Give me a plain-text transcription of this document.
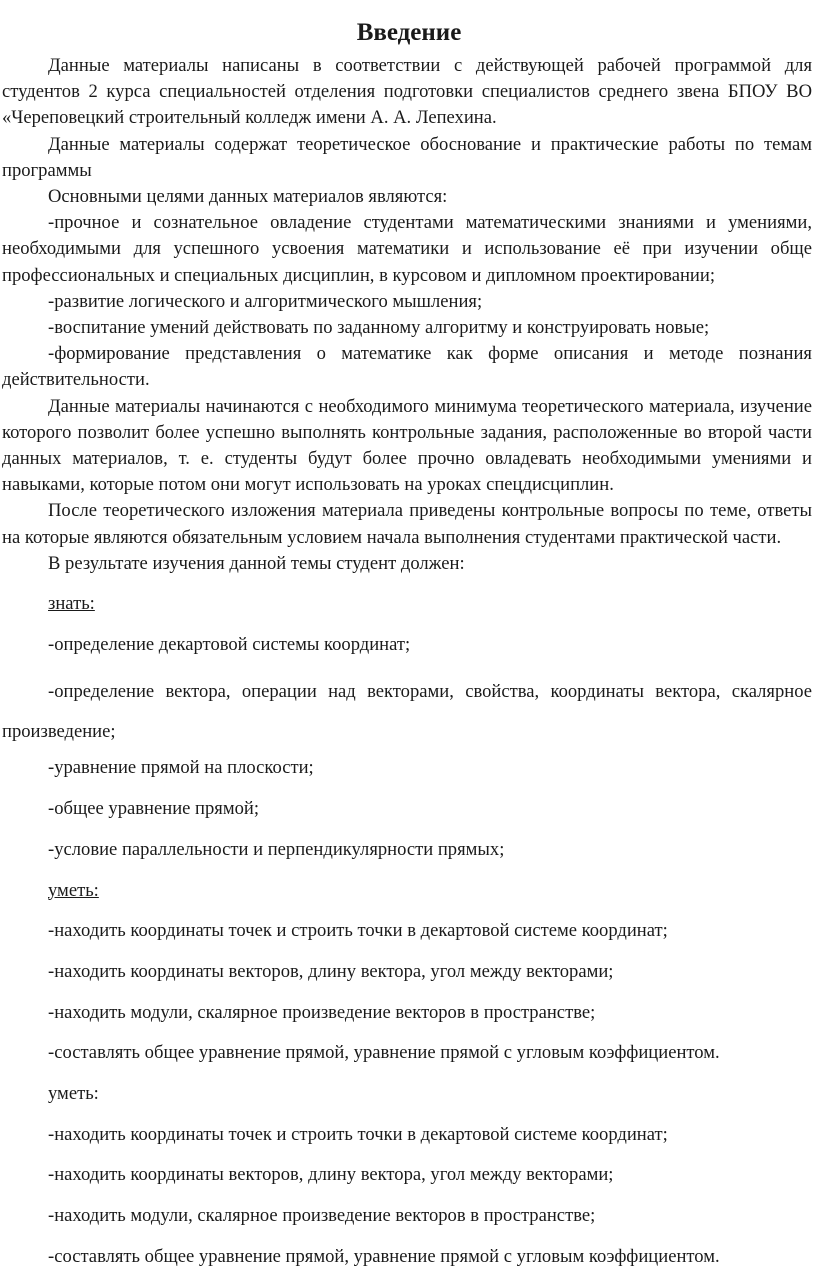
Введение

Данные материалы написаны в соответствии с действующей рабочей программой для студентов 2 курса специальностей отделения подготовки специалистов среднего звена БПОУ ВО «Череповецкий строительный колледж имени А. А. Лепехина.

Данные материалы содержат теоретическое обоснование и практические работы по темам программы

Основными целями данных материалов являются:

-прочное и сознательное овладение студентами математическими знаниями и умениями, необходимыми для успешного усвоения математики и использование её при изучении обще профессиональных и специальных дисциплин, в курсовом и дипломном проектировании;

-развитие логического и алгоритмического мышления;

-воспитание умений действовать по заданному алгоритму и конструировать новые;

-формирование представления о математике как форме описания и методе познания действительности.

Данные материалы начинаются с необходимого минимума теоретического материала, изучение которого позволит более успешно выполнять контрольные задания, расположенные во второй части данных материалов, т. е. студенты будут более прочно овладевать необходимыми умениями и навыками, которые потом они могут использовать на уроках спецдисциплин.

После теоретического изложения материала приведены контрольные вопросы по теме, ответы на которые являются обязательным условием начала выполнения студентами практической части.

В результате изучения данной темы студент должен:

знать:

-определение декартовой системы координат;

-определение вектора, операции над векторами, свойства, координаты вектора, скалярное произведение;

-уравнение прямой на плоскости;

-общее уравнение прямой;

-условие параллельности и перпендикулярности прямых;

уметь:

-находить координаты точек и строить точки в декартовой системе координат;

-находить координаты векторов, длину вектора, угол между векторами;

-находить модули, скалярное произведение векторов в пространстве;

-составлять общее уравнение прямой, уравнение прямой с угловым коэффициентом.

уметь:

-находить координаты точек и строить точки в декартовой системе координат;

-находить координаты векторов, длину вектора, угол между векторами;

-находить модули, скалярное произведение векторов в пространстве;

-составлять общее уравнение прямой, уравнение прямой с угловым коэффициентом.
